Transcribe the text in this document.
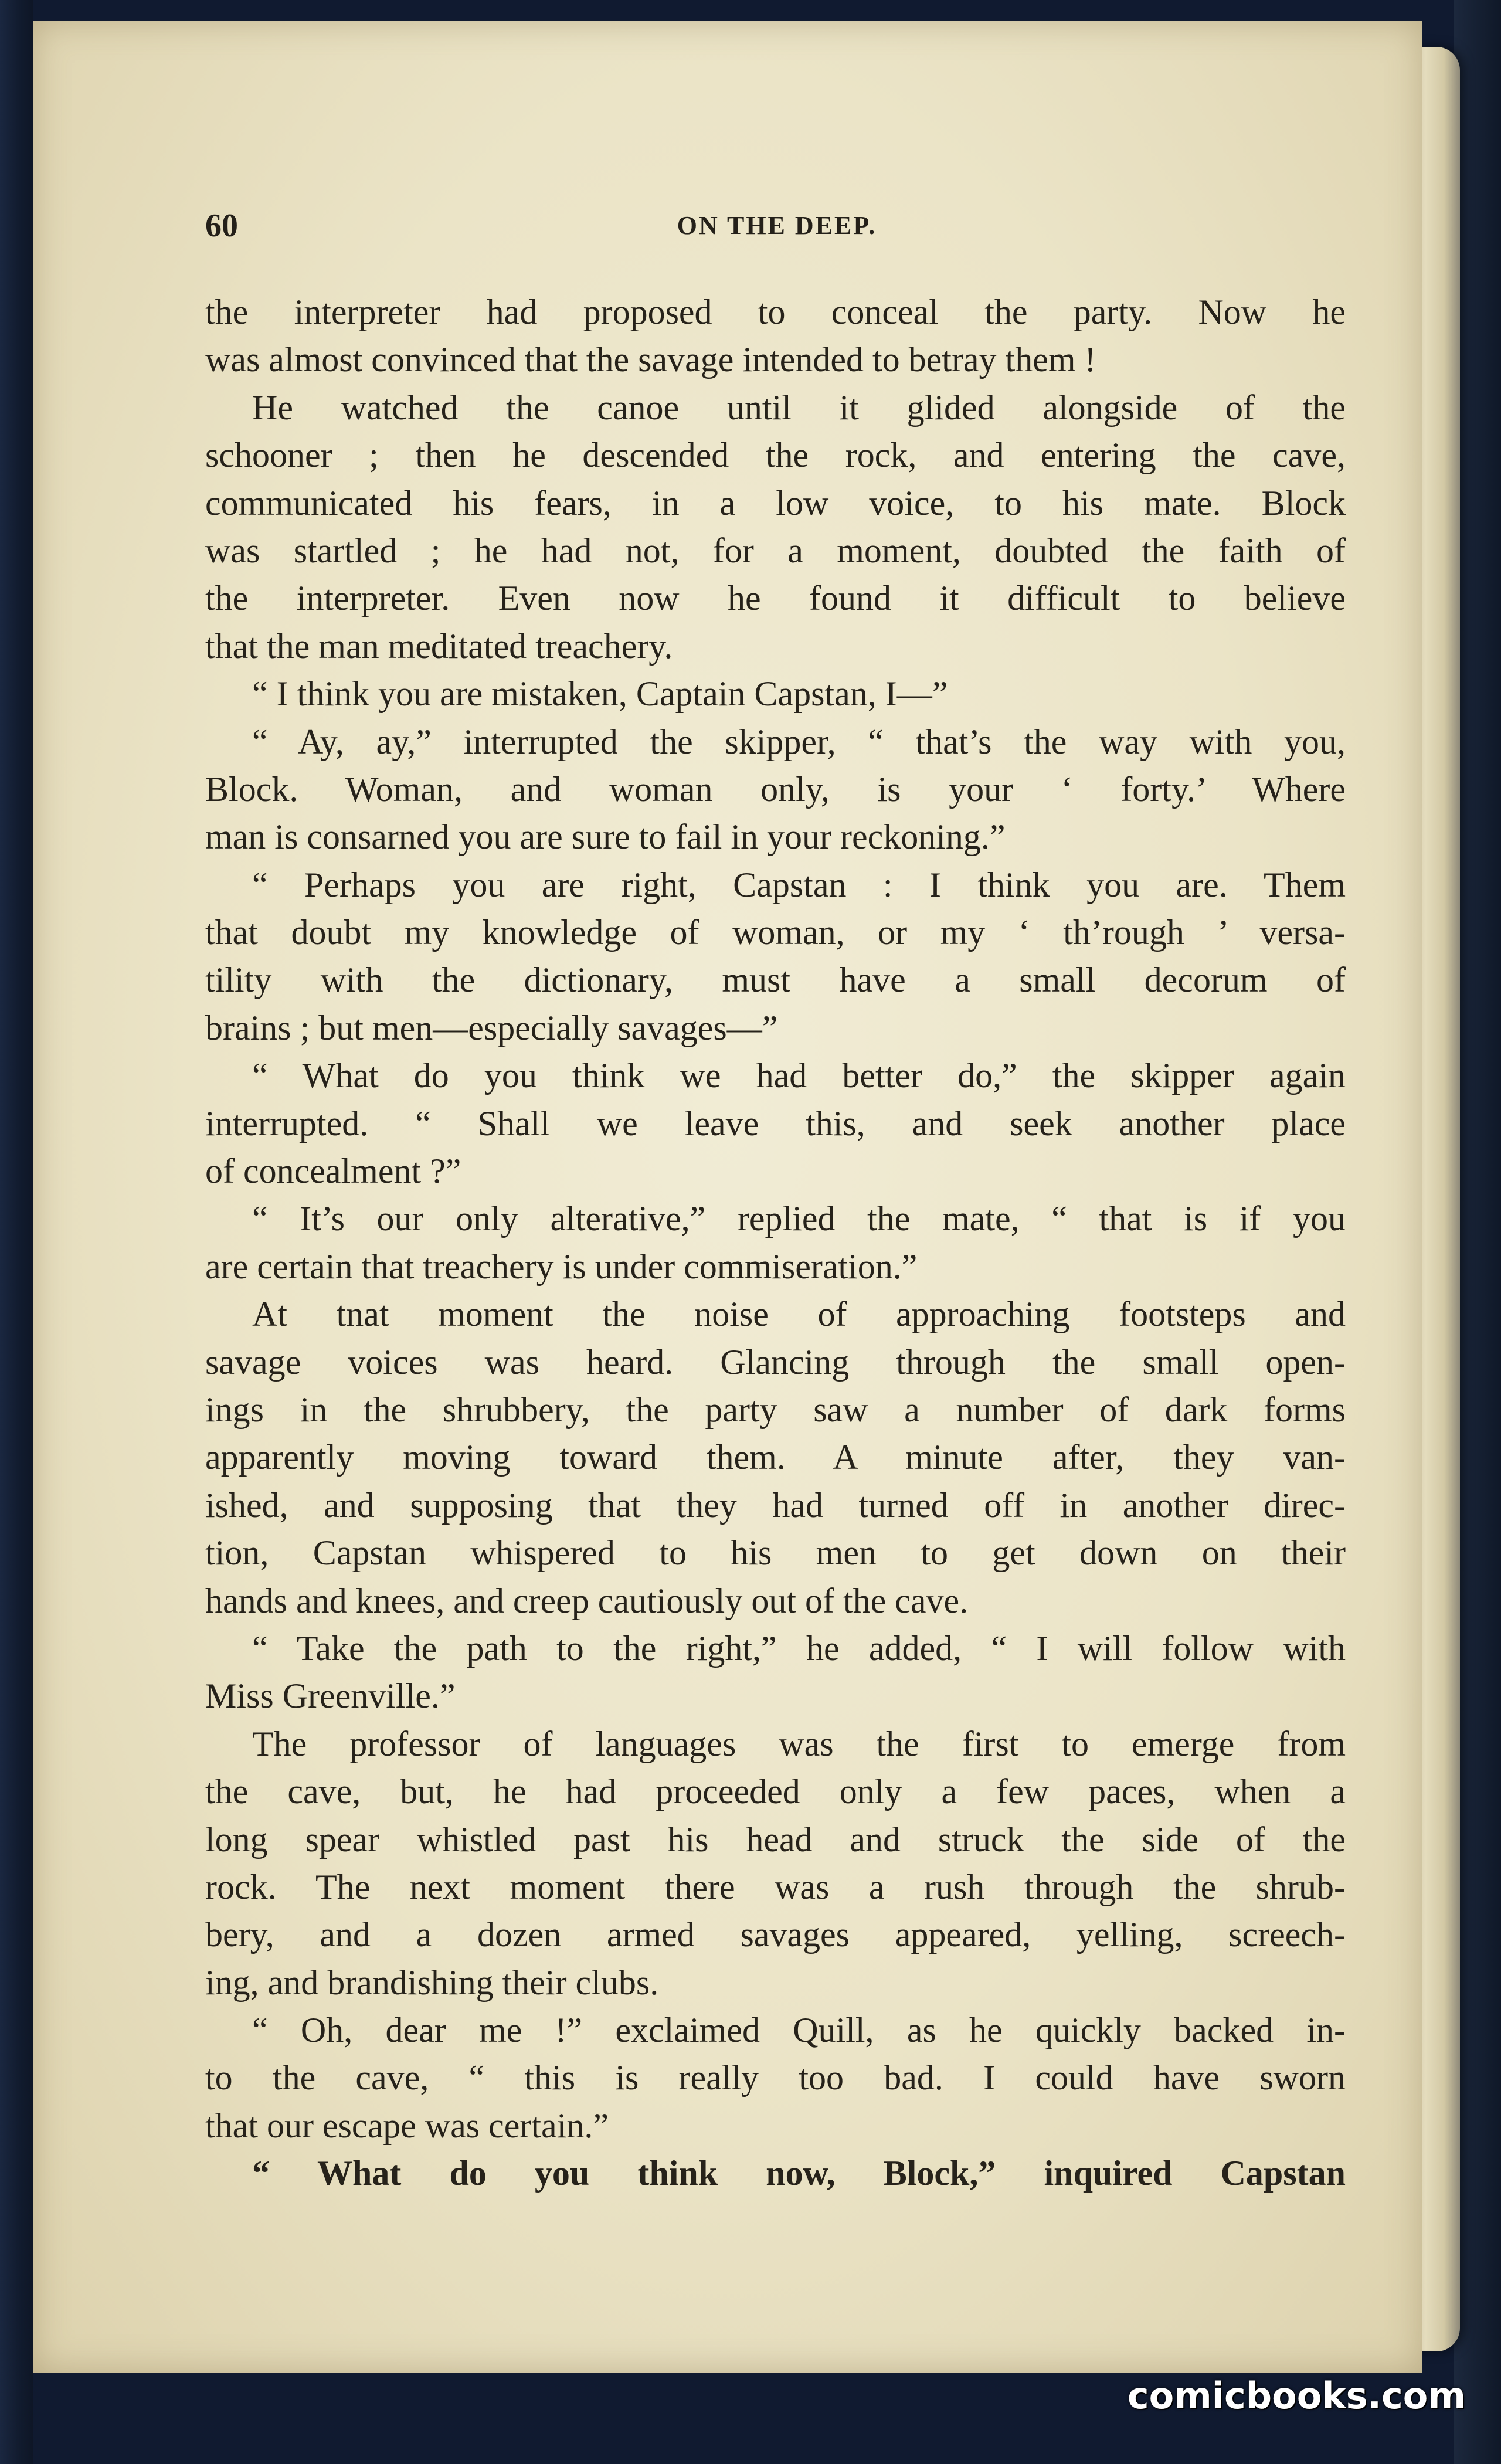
60	ON THE DEEP.
the interpreter had proposed to conceal the party. Now he
was almost convinced that the savage intended to betray them !
He watched the canoe until it glided alongside of the
schooner ; then he descended the rock, and entering the cave,
communicated his fears, in a low voice, to his mate. Block
was startled ; he had not, for a moment, doubted the faith of
the interpreter. Even now he found it difficult to believe
that the man meditated treachery.
“ I think you are mistaken, Captain Capstan, I—”
“ Ay, ay,” interrupted the skipper, “ that’s the way with you,
Block. Woman, and woman only, is your ‘ forty.’ Where
man is consarned you are sure to fail in your reckoning.”
“ Perhaps you are right, Capstan : I think you are. Them
that doubt my knowledge of woman, or my ‘ th’rough ’ versa-
tility with the dictionary, must have a small decorum of
brains ; but men—especially savages—”
“ What do you think we had better do,” the skipper again
interrupted. “ Shall we leave this, and seek another place
of concealment ?”
“ It’s our only alterative,” replied the mate, “ that is if you
are certain that treachery is under commiseration.”
At tnat moment the noise of approaching footsteps and
savage voices was heard. Glancing through the small open-
ings in the shrubbery, the party saw a number of dark forms
apparently moving toward them. A minute after, they van-
ished, and supposing that they had turned off in another direc-
tion, Capstan whispered to his men to get down on their
hands and knees, and creep cautiously out of the cave.
“ Take the path to the right,” he added, “ I will follow with
Miss Greenville.”
The professor of languages was the first to emerge from
the cave, but, he had proceeded only a few paces, when a
long spear whistled past his head and struck the side of the
rock. The next moment there was a rush through the shrub-
bery, and a dozen armed savages appeared, yelling, screech-
ing, and brandishing their clubs.
“ Oh, dear me !” exclaimed Quill, as he quickly backed in-
to the cave, “ this is really too bad. I could have sworn
that our escape was certain.”
“ What do you think now, Block,” inquired Capstan
comicbooks.com
